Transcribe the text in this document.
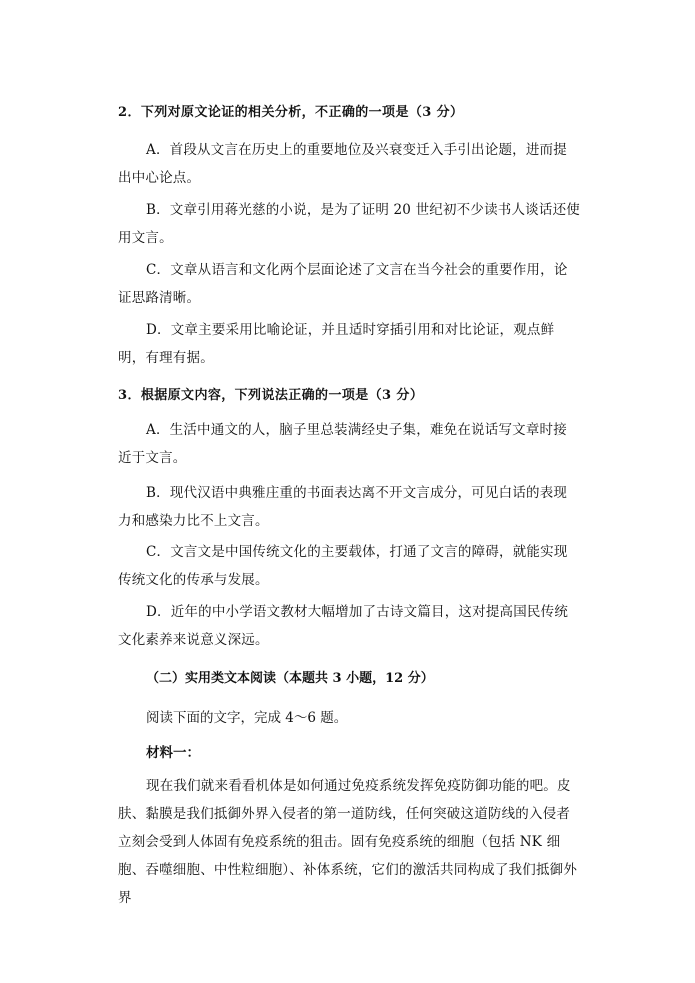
2．下列对原文论证的相关分析，不正确的一项是（3 分）
A．首段从文言在历史上的重要地位及兴衰变迁入手引出论题，进而提出中心论点。
B．文章引用蒋光慈的小说，是为了证明 20 世纪初不少读书人谈话还使用文言。
C．文章从语言和文化两个层面论述了文言在当今社会的重要作用，论证思路清晰。
D．文章主要采用比喻论证，并且适时穿插引用和对比论证，观点鲜明，有理有据。
3．根据原文内容，下列说法正确的一项是（3 分）
A．生活中通文的人，脑子里总装满经史子集，难免在说话写文章时接近于文言。
B．现代汉语中典雅庄重的书面表达离不开文言成分，可见白话的表现力和感染力比不上文言。
C．文言文是中国传统文化的主要载体，打通了文言的障碍，就能实现传统文化的传承与发展。
D．近年的中小学语文教材大幅增加了古诗文篇目，这对提高国民传统文化素养来说意义深远。
（二）实用类文本阅读（本题共 3 小题，12 分）
阅读下面的文字，完成 4～6 题。
材料一：
现在我们就来看看机体是如何通过免疫系统发挥免疫防御功能的吧。皮肤、黏膜是我们抵御外界入侵者的第一道防线，任何突破这道防线的入侵者立刻会受到人体固有免疫系统的狙击。固有免疫系统的细胞（包括 NK 细胞、吞噬细胞、中性粒细胞）、补体系统，它们的激活共同构成了我们抵御外界
